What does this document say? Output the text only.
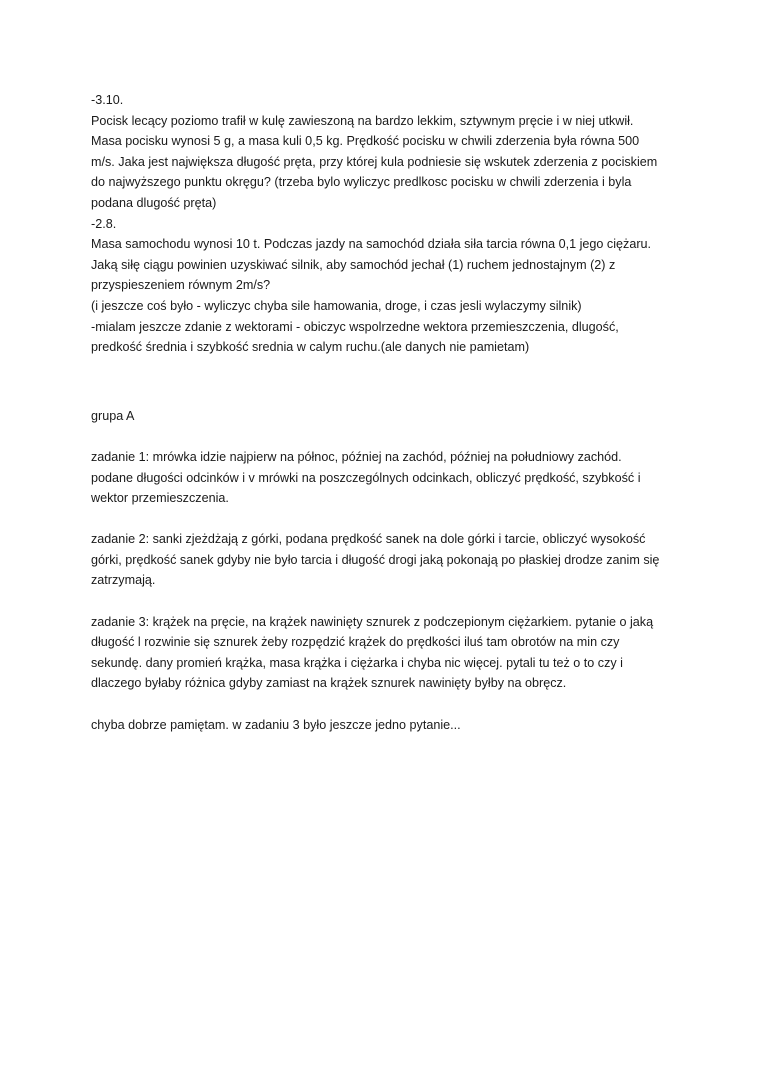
-3.10.
Pocisk lecący poziomo trafił w kulę zawieszoną na bardzo lekkim, sztywnym pręcie i w niej utkwił.
Masa pocisku wynosi 5 g, a masa kuli 0,5 kg. Prędkość pocisku w chwili zderzenia była równa 500
m/s. Jaka jest największa długość pręta, przy której kula podniesie się wskutek zderzenia z pociskiem
do najwyższego punktu okręgu? (trzeba bylo wyliczyc predlkosc pocisku w chwili zderzenia i byla
podana dlugość pręta)
-2.8.
Masa samochodu wynosi 10 t. Podczas jazdy na samochód działa siła tarcia równa 0,1 jego ciężaru.
Jaką siłę ciągu powinien uzyskiwać silnik, aby samochód jechał (1) ruchem jednostajnym (2) z
przyspieszeniem równym 2m/s?
(i jeszcze coś było - wyliczyc chyba sile hamowania, droge, i czas jesli wylaczymy silnik)
-mialam jeszcze zdanie z wektorami - obiczyc wspolrzedne wektora przemieszczenia, dlugość,
predkość średnia i szybkość srednia w calym ruchu.(ale danych nie pamietam)
grupa A
zadanie 1: mrówka idzie najpierw na północ, później na zachód, później na południowy zachód.
podane długości odcinków i v mrówki na poszczególnych odcinkach, obliczyć prędkość, szybkość i
wektor przemieszczenia.
zadanie 2: sanki zjeżdżają z górki, podana prędkość sanek na dole górki i tarcie, obliczyć wysokość
górki, prędkość sanek gdyby nie było tarcia i długość drogi jaką pokonają po płaskiej drodze zanim się
zatrzymają.
zadanie 3: krążek na pręcie, na krążek nawinięty sznurek z podczepionym ciężarkiem. pytanie o jaką
długość l rozwinie się sznurek żeby rozpędzić krążek do prędkości iluś tam obrotów na min czy
sekundę. dany promień krążka, masa krążka i ciężarka i chyba nic więcej. pytali tu też o to czy i
dlaczego byłaby różnica gdyby zamiast na krążek sznurek nawinięty byłby na obręcz.
chyba dobrze pamiętam. w zadaniu 3 było jeszcze jedno pytanie...
